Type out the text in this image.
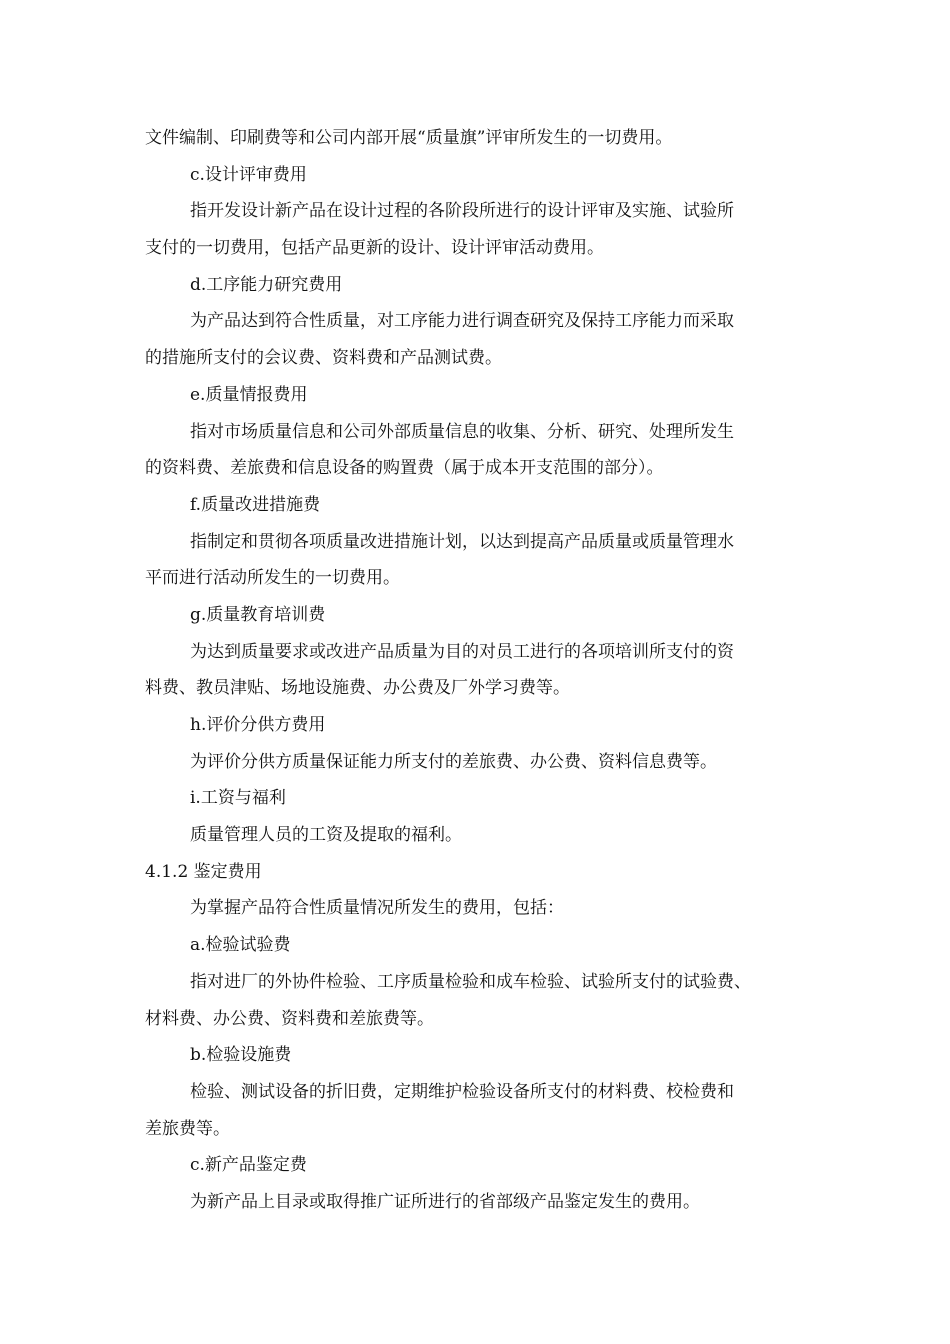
文件编制、印刷费等和公司内部开展“质量旗”评审所发生的一切费用。
c.设计评审费用
指开发设计新产品在设计过程的各阶段所进行的设计评审及实施、试验所
支付的一切费用，包括产品更新的设计、设计评审活动费用。
d.工序能力研究费用
为产品达到符合性质量，对工序能力进行调查研究及保持工序能力而采取
的措施所支付的会议费、资料费和产品测试费。
e.质量情报费用
指对市场质量信息和公司外部质量信息的收集、分析、研究、处理所发生
的资料费、差旅费和信息设备的购置费（属于成本开支范围的部分）。
f.质量改进措施费
指制定和贯彻各项质量改进措施计划，以达到提高产品质量或质量管理水
平而进行活动所发生的一切费用。
g.质量教育培训费
为达到质量要求或改进产品质量为目的对员工进行的各项培训所支付的资
料费、教员津贴、场地设施费、办公费及厂外学习费等。
h.评价分供方费用
为评价分供方质量保证能力所支付的差旅费、办公费、资料信息费等。
i.工资与福利
质量管理人员的工资及提取的福利。
4.1.2 鉴定费用
为掌握产品符合性质量情况所发生的费用，包括：
a.检验试验费
指对进厂的外协件检验、工序质量检验和成车检验、试验所支付的试验费、
材料费、办公费、资料费和差旅费等。
b.检验设施费
检验、测试设备的折旧费，定期维护检验设备所支付的材料费、校检费和
差旅费等。
c.新产品鉴定费
为新产品上目录或取得推广证所进行的省部级产品鉴定发生的费用。
